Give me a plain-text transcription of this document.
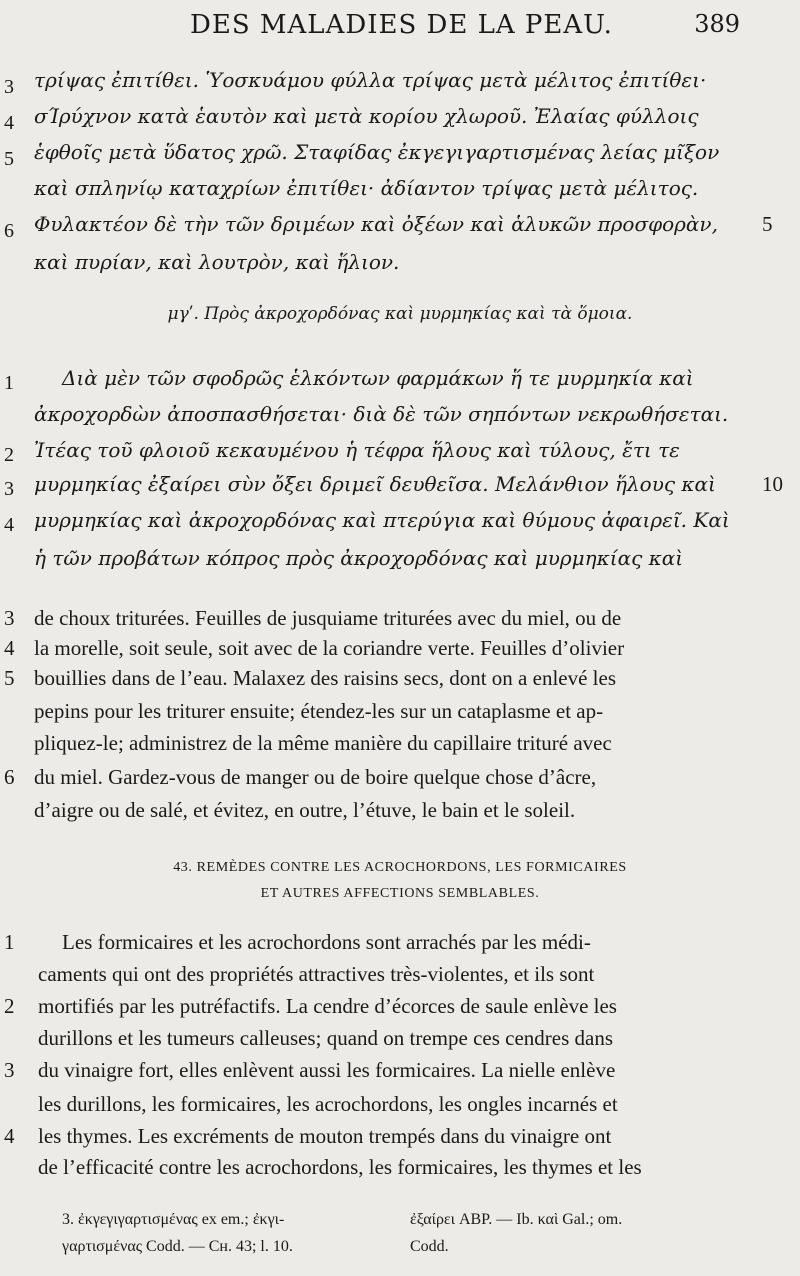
DES MALADIES DE LA PEAU.	389
3 τρίψας ἐπιτίθει. Ὑοσκυάμου φύλλα τρίψας μετὰ μέλιτος ἐπιτίθει·
4 σΊρύχνον κατὰ ἑαυτὸν καὶ μετὰ κορίου χλωροῦ. Ἐλαίας φύλλοις
5 ἑφθοῖς μετὰ ὕδατος χρῶ. Σταφίδας ἐκγεγιγαρτισμένας λείας μῖξον
καὶ σπληνίῳ καταχρίων ἐπιτίθει· ἀδίαντον τρίψας μετὰ μέλιτος.
6 Φυλακτέον δὲ τὴν τῶν δριμέων καὶ ὀξέων καὶ ἁλυκῶν προσφορὰν, 5
καὶ πυρίαν, καὶ λουτρὸν, καὶ ἥλιον.
μγʹ. Πρὸς ἀκροχορδόνας καὶ μυρμηκίας καὶ τὰ ὅμοια.
1 Διὰ μὲν τῶν σφοδρῶς ἑλκόντων φαρμάκων ἥ τε μυρμηκία καὶ
ἀκροχορδὼν ἀποσπασθήσεται· διὰ δὲ τῶν σηπόντων νεκρωθήσεται.
2 Ἰτέας τοῦ φλοιοῦ κεκαυμένου ἡ τέφρα ἥλους καὶ τύλους, ἔτι τε
3 μυρμηκίας ἐξαίρει σὺν ὄξει δριμεῖ δευθεῖσα. Μελάνθιον ἥλους καὶ 10
4 μυρμηκίας καὶ ἀκροχορδόνας καὶ πτερύγια καὶ θύμους ἀφαιρεῖ. Καὶ
ἡ τῶν προβάτων κόπρος πρὸς ἀκροχορδόνας καὶ μυρμηκίας καὶ
3 de choux triturées. Feuilles de jusquiame triturées avec du miel, ou de
4 la morelle, soit seule, soit avec de la coriandre verte. Feuilles d’olivier
5 bouillies dans de l’eau. Malaxez des raisins secs, dont on a enlevé les
pepins pour les triturer ensuite; étendez-les sur un cataplasme et ap-
pliquez-le; administrez de la même manière du capillaire trituré avec
6 du miel. Gardez-vous de manger ou de boire quelque chose d’âcre,
d’aigre ou de salé, et évitez, en outre, l’étuve, le bain et le soleil.
43. REMÈDES CONTRE LES ACROCHORDONS, LES FORMICAIRES
ET AUTRES AFFECTIONS SEMBLABLES.
1 Les formicaires et les acrochordons sont arrachés par les médi-
caments qui ont des propriétés attractives très-violentes, et ils sont
2 mortifiés par les putréfactifs. La cendre d’écorces de saule enlève les
durillons et les tumeurs calleuses; quand on trempe ces cendres dans
3 du vinaigre fort, elles enlèvent aussi les formicaires. La nielle enlève
les durillons, les formicaires, les acrochordons, les ongles incarnés et
4 les thymes. Les excréments de mouton trempés dans du vinaigre ont
de l’efficacité contre les acrochordons, les formicaires, les thymes et les
3. ἐκγεγιγαρτισμένας ex em.; ἐκγι-
γαρτισμένας Codd. — Cʜ. 43; l. 10.
ἐξαίρει ABP. — Ib. καὶ Gal.; om.
Codd.
